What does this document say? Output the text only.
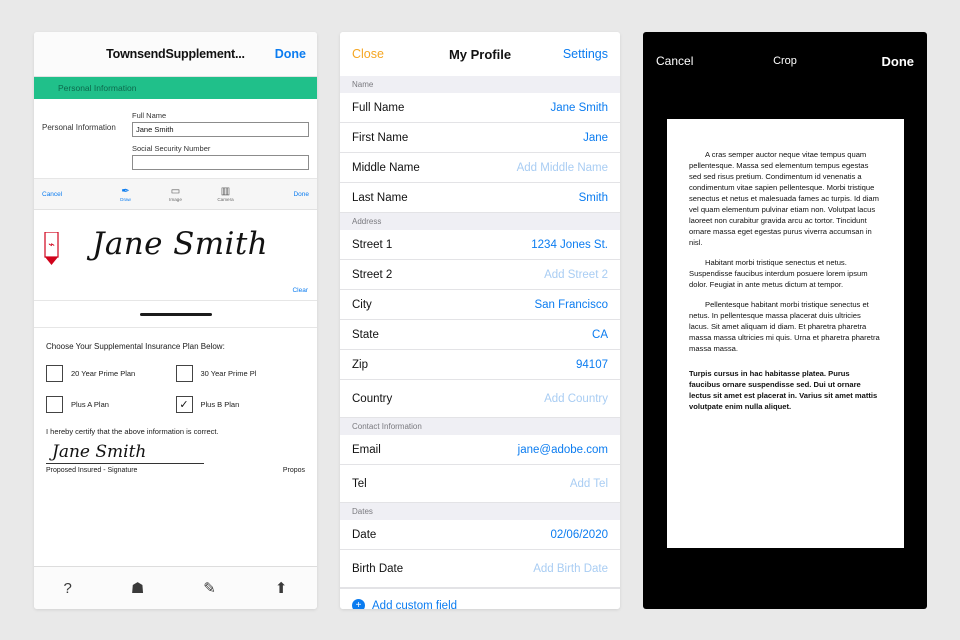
TownsendSupplement... Done
Personal Information
Personal Information
Full Name
Jane Smith
Social Security Number
Cancel	✒
Draw
▭
Image
▥
Camera
Done
⌁ Jane Smith
Clear
Choose Your Supplemental Insurance Plan Below:
20 Year Prime Plan	30 Year Prime Pl
Plus A Plan	✓	Plus B Plan
I hereby certify that the above information is correct.
Jane Smith
Proposed Insured - Signature	Propos
?	☗	✎	⬆
Close	My Profile	Settings
Name
Full Name	Jane Smith
First Name	Jane
Middle Name	Add Middle Name
Last Name	Smith
Address
Street 1	1234 Jones St.
Street 2	Add Street 2
City	San Francisco
State	CA
Zip	94107
Country	Add Country
Contact Information
Email	jane@adobe.com
Tel	Add Tel
Dates
Date	02/06/2020
Birth Date	Add Birth Date
+ Add custom field
Cancel	Crop	Done

A cras semper auctor neque vitae tempus quam pellentesque. Massa sed elementum tempus egestas sed sed risus pretium. Condimentum id venenatis a condimentum vitae sapien pellentesque. Morbi tristique senectus et netus et malesuada fames ac turpis. Id diam vel quam elementum pulvinar etiam non. Volutpat lacus laoreet non curabitur gravida arcu ac tortor. Tincidunt ornare massa eget egestas purus viverra accumsan in nisl.

Habitant morbi tristique senectus et netus. Suspendisse faucibus interdum posuere lorem ipsum dolor. Feugiat in ante metus dictum at tempor.

Pellentesque habitant morbi tristique senectus et netus. In pellentesque massa placerat duis ultricies lacus. Sit amet aliquam id diam. Et pharetra pharetra massa massa ultricies mi quis. Urna et pharetra pharetra massa massa.

Turpis cursus in hac habitasse platea. Purus faucibus ornare suspendisse sed. Dui ut ornare lectus sit amet est placerat in. Varius sit amet mattis volutpate enim nulla aliquet.
